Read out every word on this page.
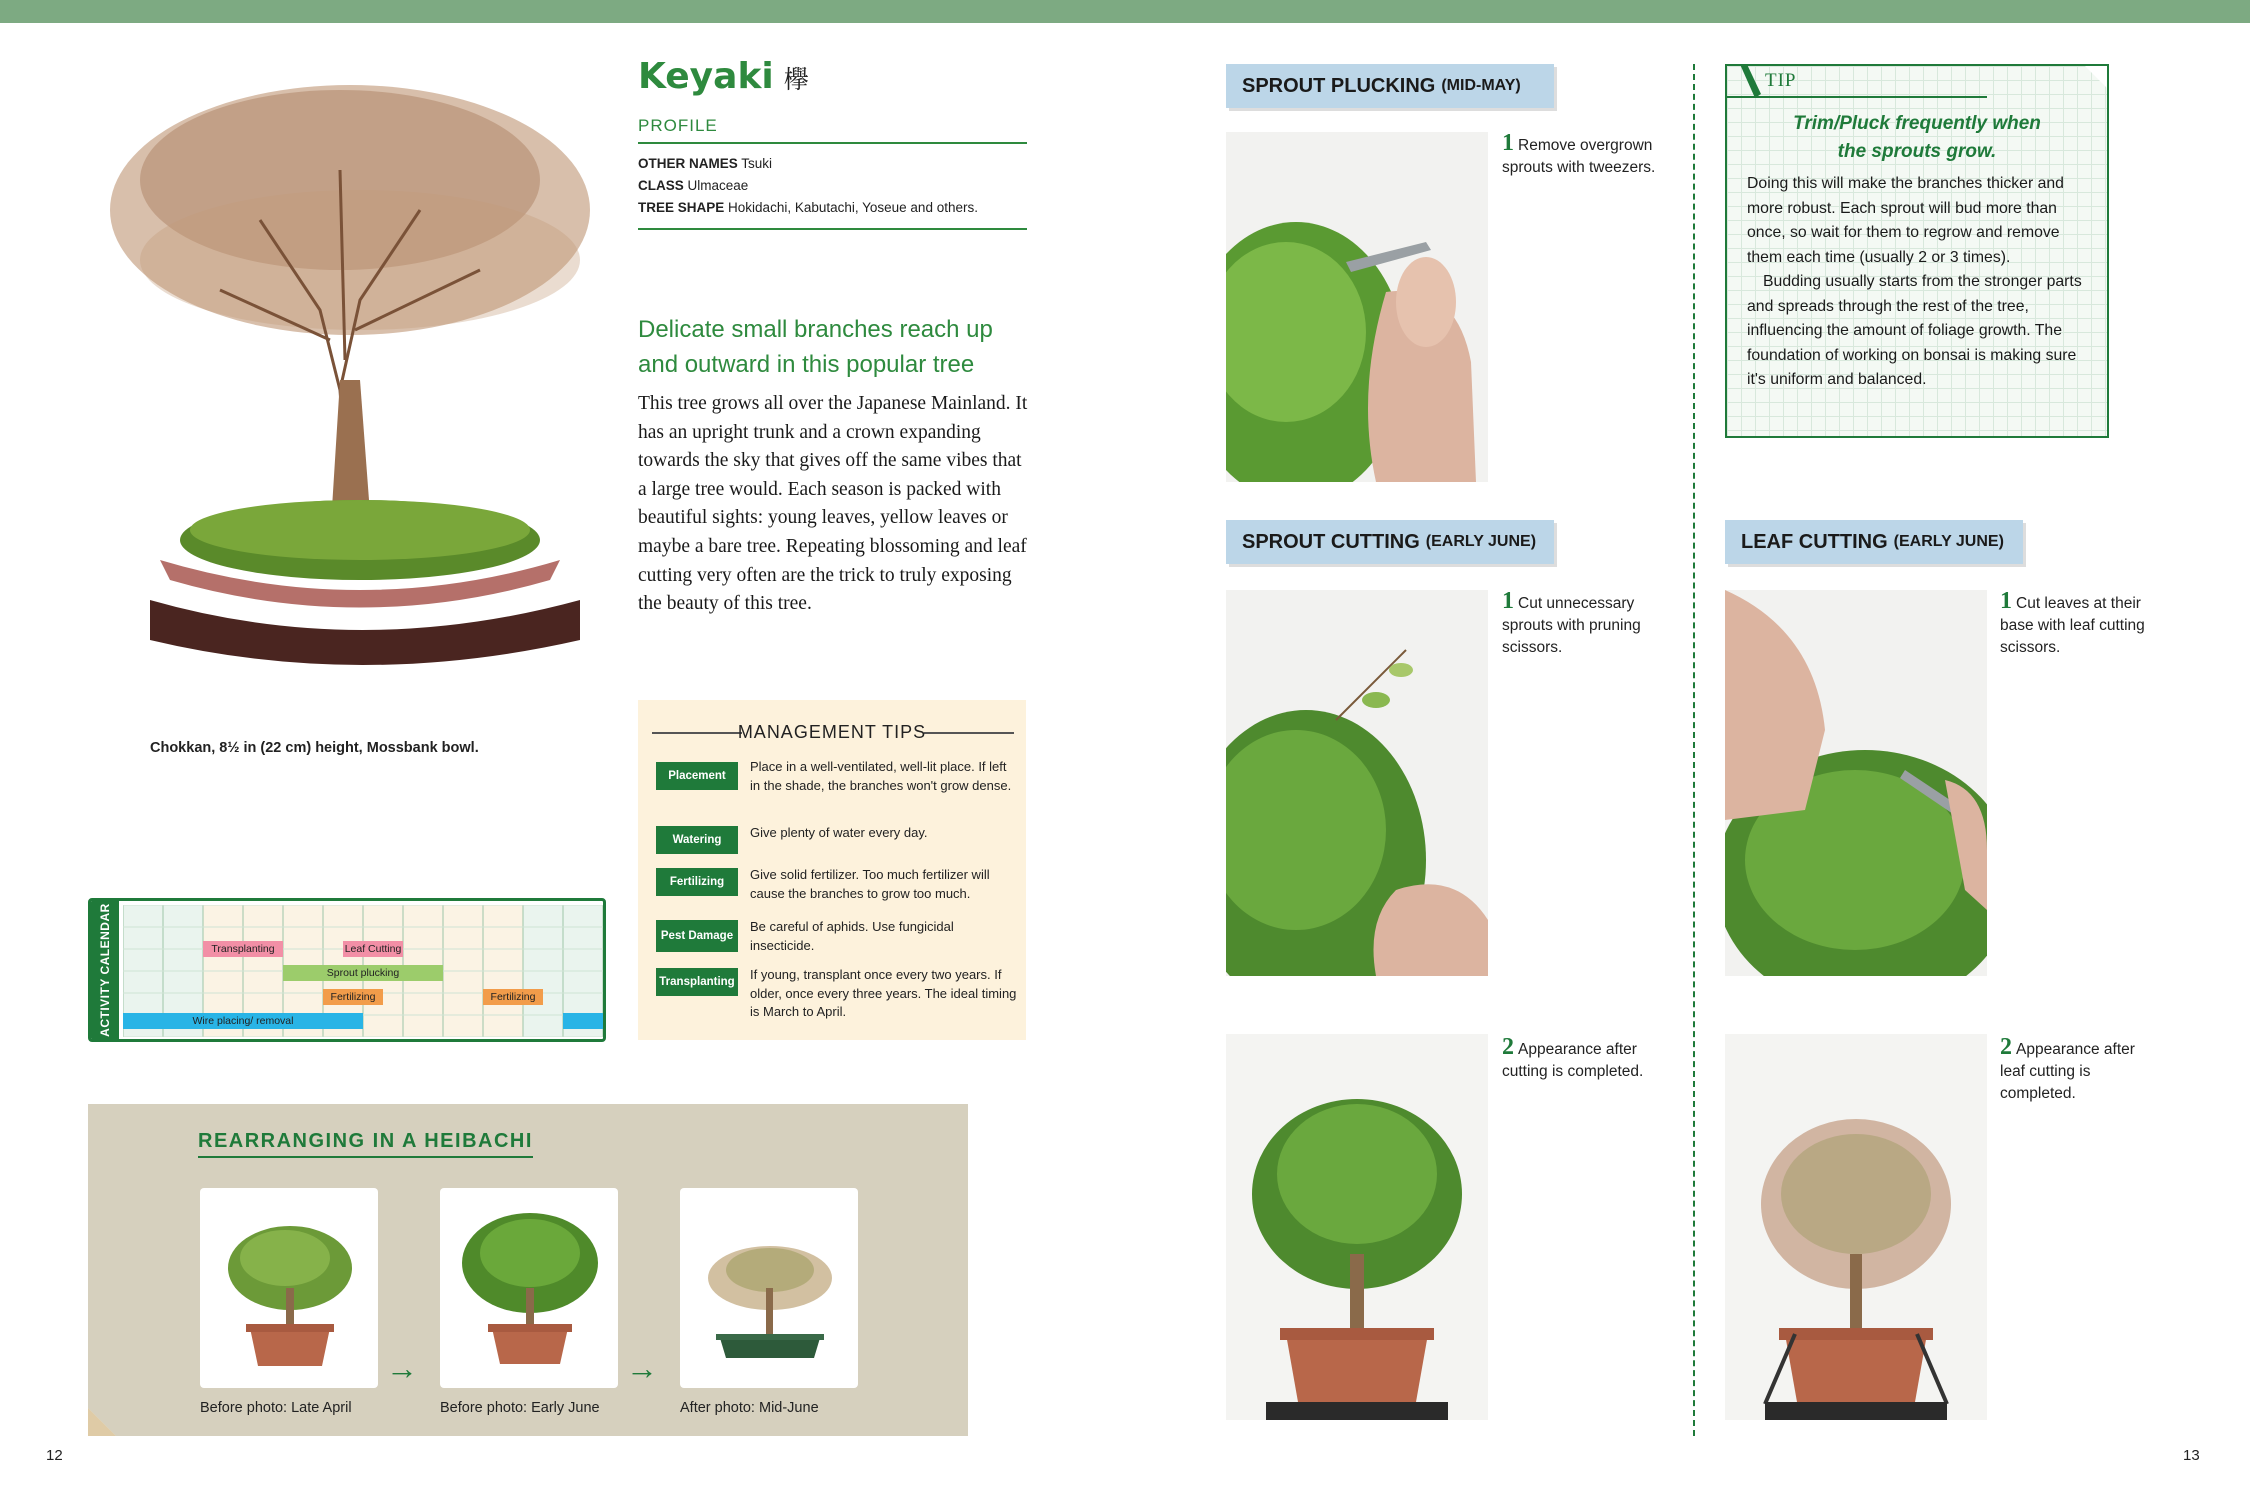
Keyaki 欅
PROFILE
OTHER NAMES Tsuki
CLASS Ulmaceae
TREE SHAPE Hokidachi, Kabutachi, Yoseue and others.
Delicate small branches reach up and outward in this popular tree
This tree grows all over the Japanese Mainland. It has an upright trunk and a crown expanding towards the sky that gives off the same vibes that a large tree would. Each season is packed with beautiful sights: young leaves, yellow leaves or maybe a bare tree. Repeating blossoming and leaf cutting very often are the trick to truly exposing the beauty of this tree.
Chokkan, 8½ in (22 cm) height, Mossbank bowl.
ACTIVITY CALENDAR	Transplanting	Leaf Cutting
Sprout plucking
Fertilizing	Fertilizing
Wire placing/ removal
MANAGEMENT TIPS
Placement
Place in a well-ventilated, well-lit place. If left in the shade, the branches won't grow dense.
Watering	Give plenty of water every day.
Fertilizing	Give solid fertilizer. Too much fertilizer will cause the branches to grow too much.
Pest Damage
Be careful of aphids. Use fungicidal insecticide.
Transplanting If young, transplant once every two years. If older, once every three years. The ideal timing is March to April.
REARRANGING IN A HEIBACHI
→	→
Before photo: Late April	Before photo: Early June	After photo: Mid-June
12
SPROUT PLUCKING (MID-MAY)
1 Remove overgrown sprouts with tweezers.
SPROUT CUTTING (EARLY JUNE)
1 Cut unnecessary sprouts with pruning scissors.
2 Appearance after cutting is completed.
TIP
Trim/Pluck frequently when the sprouts grow.
Doing this will make the branches thicker and more robust. Each sprout will bud more than once, so wait for them to regrow and remove them each time (usually 2 or 3 times).
Budding usually starts from the stronger parts and spreads through the rest of the tree, influencing the amount of foliage growth. The foundation of working on bonsai is making sure it's uniform and balanced.
LEAF CUTTING (EARLY JUNE)
1 Cut leaves at their base with leaf cutting scissors.
2 Appearance after leaf cutting is completed.
13
